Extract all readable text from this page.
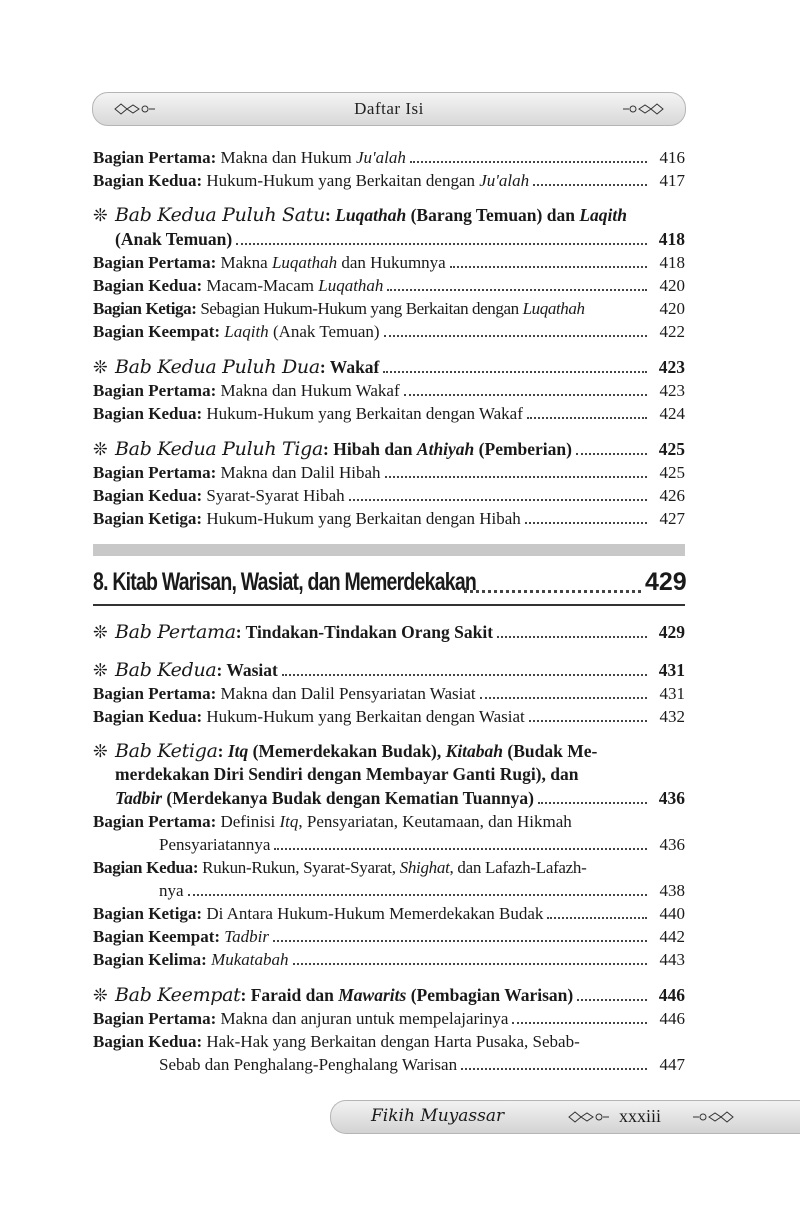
Daftar Isi
Bagian Pertama: Makna dan Hukum Ju'alah	416
Bagian Kedua: Hukum-Hukum yang Berkaitan dengan Ju'alah	417
❊ Bab Kedua Puluh Satu: Luqathah (Barang Temuan) dan Laqith
(Anak Temuan)	418
Bagian Pertama: Makna Luqathah dan Hukumnya	418
Bagian Kedua: Macam-Macam Luqathah	420
Bagian Ketiga: Sebagian Hukum-Hukum yang Berkaitan dengan Luqathah	420
Bagian Keempat: Laqith (Anak Temuan)	422
❊ Bab Kedua Puluh Dua: Wakaf	423
Bagian Pertama: Makna dan Hukum Wakaf	423
Bagian Kedua: Hukum-Hukum yang Berkaitan dengan Wakaf	424
❊ Bab Kedua Puluh Tiga: Hibah dan Athiyah (Pemberian)	425
Bagian Pertama: Makna dan Dalil Hibah	425
Bagian Kedua: Syarat-Syarat Hibah	426
Bagian Ketiga: Hukum-Hukum yang Berkaitan dengan Hibah	427
8. Kitab Warisan, Wasiat, dan Memerdekakan	429
❊ Bab Pertama: Tindakan-Tindakan Orang Sakit	429
❊ Bab Kedua: Wasiat	431
Bagian Pertama: Makna dan Dalil Pensyariatan Wasiat	431
Bagian Kedua: Hukum-Hukum yang Berkaitan dengan Wasiat	432
❊ Bab Ketiga: Itq (Memerdekakan Budak), Kitabah (Budak Me-
merdekakan Diri Sendiri dengan Membayar Ganti Rugi), dan
Tadbir (Merdekanya Budak dengan Kematian Tuannya)	436
Bagian Pertama: Definisi Itq, Pensyariatan, Keutamaan, dan Hikmah
Pensyariatannya	436
Bagian Kedua: Rukun-Rukun, Syarat-Syarat, Shighat, dan Lafazh-Lafazh-
nya	438
Bagian Ketiga: Di Antara Hukum-Hukum Memerdekakan Budak	440
Bagian Keempat: Tadbir	442
Bagian Kelima: Mukatabah	443
❊ Bab Keempat: Faraid dan Mawarits (Pembagian Warisan)	446
Bagian Pertama: Makna dan anjuran untuk mempelajarinya	446
Bagian Kedua: Hak-Hak yang Berkaitan dengan Harta Pusaka, Sebab-
Sebab dan Penghalang-Penghalang Warisan	447
Fikih Muyassar	xxxiii
